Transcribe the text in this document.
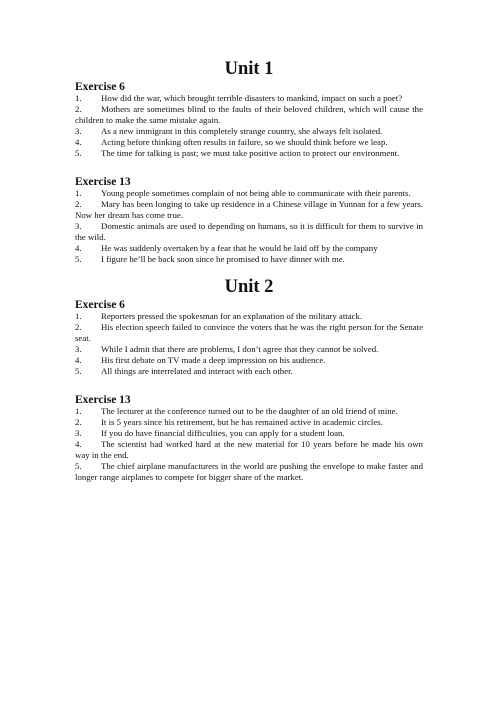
Unit 1
Exercise 6

1. How did the war, which brought terrible disasters to mankind, impact on such a poet?

2. Mothers are sometimes blind to the faults of their beloved children, which will cause the children to make the same mistake again.

3. As a new immigrant in this completely strange country, she always felt isolated.

4. Acting before thinking often results in failure, so we should think before we leap.

5. The time for talking is past; we must take positive action to protect our environment.

Exercise 13

1. Young people sometimes complain of not being able to communicate with their parents.

2. Mary has been longing to take up residence in a Chinese village in Yunnan for a few years. Now her dream has come true.

3. Domestic animals are used to depending on humans, so it is difficult for them to survive in the wild.

4. He was suddenly overtaken by a fear that he would be laid off by the company

5. I figure he’ll be back soon since he promised to have dinner with me.

Unit 2
Exercise 6

1. Reporters pressed the spokesman for an explanation of the military attack.

2. His election speech failed to convince the voters that he was the right person for the Senate seat.

3. While I admit that there are problems, I don’t agree that they cannot be solved.

4. His first debate on TV made a deep impression on his audience.

5. All things are interrelated and interact with each other.

Exercise 13

1. The lecturer at the conference turned out to be the daughter of an old friend of mine.

2. It is 5 years since his retirement, but he has remained active in academic circles.

3. If you do have financial difficulties, you can apply for a student loan.

4. The scientist had worked hard at the new material for 10 years before he made his own way in the end.

5. The chief airplane manufacturers in the world are pushing the envelope to make faster and longer range airplanes to compete for bigger share of the market.
